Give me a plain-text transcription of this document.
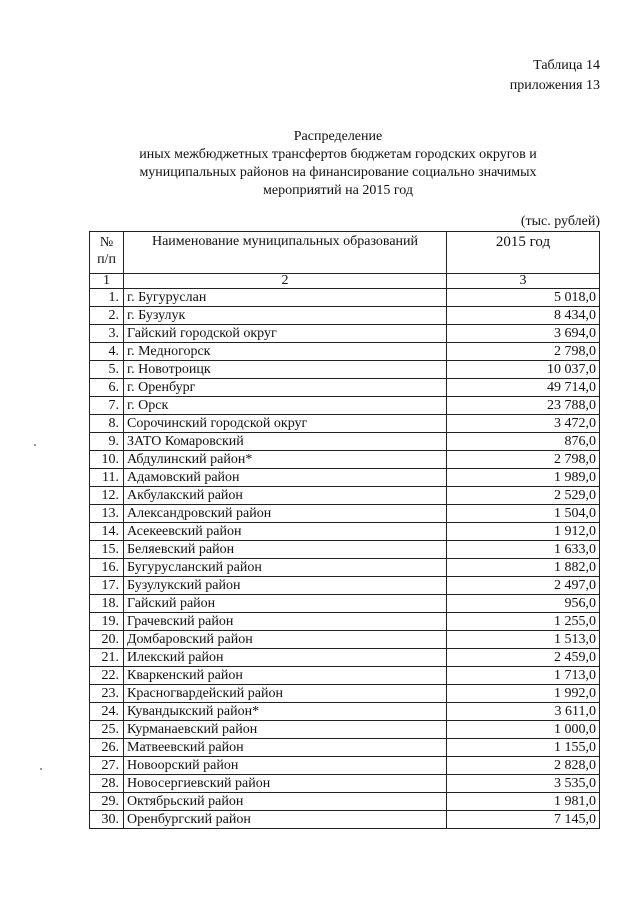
Таблица 14
приложения 13
Распределение
иных межбюджетных трансфертов бюджетам городских округов и
муниципальных районов на финансирование социально значимых
мероприятий на 2015 год
(тыс. рублей)
№ п/п	Наименование муниципальных образований	2015 год
1	2	3
1.	г. Бугуруслан	5 018,0
2.	г. Бузулук	8 434,0
3.	Гайский городской округ	3 694,0
4.	г. Медногорск	2 798,0
5.	г. Новотроицк	10 037,0
6.	г. Оренбург	49 714,0
7.	г. Орск	23 788,0
8.	Сорочинский городской округ	3 472,0
9.	ЗАТО Комаровский	876,0
10.	Абдулинский район*	2 798,0
11.	Адамовский район	1 989,0
12.	Акбулакский район	2 529,0
13.	Александровский район	1 504,0
14.	Асекеевский район	1 912,0
15.	Беляевский район	1 633,0
16.	Бугурусланский район	1 882,0
17.	Бузулукский район	2 497,0
18.	Гайский район	956,0
19.	Грачевский район	1 255,0
20.	Домбаровский район	1 513,0
21.	Илекский район	2 459,0
22.	Кваркенский район	1 713,0
23.	Красногвардейский район	1 992,0
24.	Кувандыкский район*	3 611,0
25.	Курманаевский район	1 000,0
26.	Матвеевский район	1 155,0
27.	Новоорский район	2 828,0
28.	Новосергиевский район	3 535,0
29.	Октябрьский район	1 981,0
30.	Оренбургский район	7 145,0
